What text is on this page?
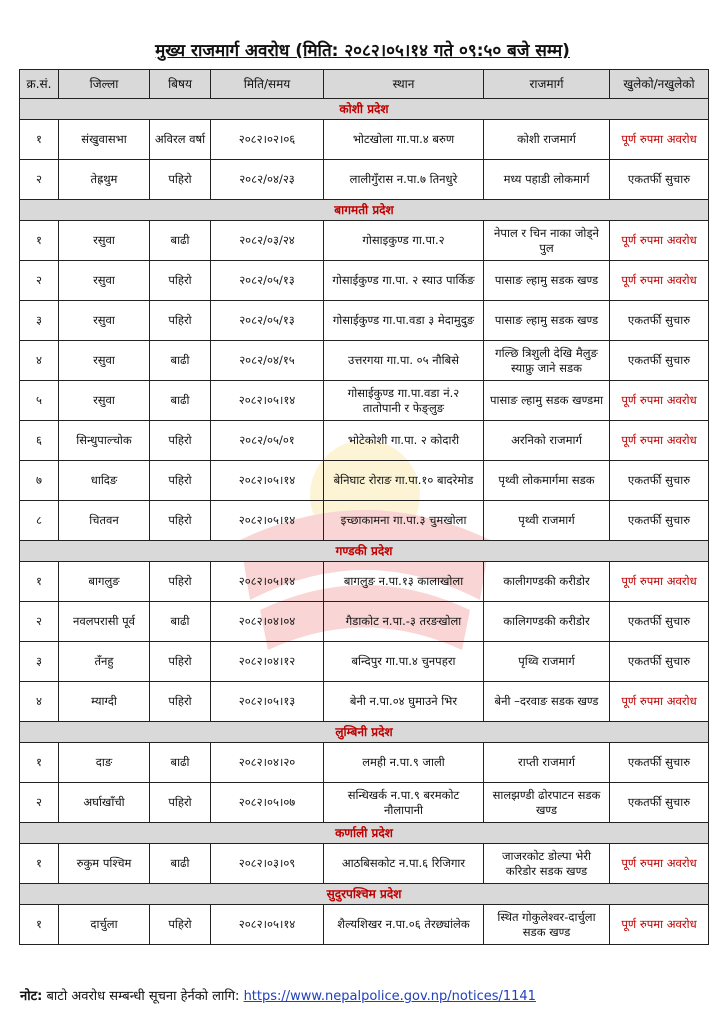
मुख्य राजमार्ग अवरोध (मिति: २०८२।०५।१४ गते ०९:५० बजे सम्म)
क्र.सं.	जिल्ला	बिषय	मिति/समय	स्थान	राजमार्ग	खुलेको/नखुलेको
कोशी प्रदेश						
१	संखुवासभा	अविरल वर्षा	२०८२।०२।०६	भोटखोला गा.पा.४ बरुण	कोशी राजमार्ग	पूर्ण रुपमा अवरोध
२	तेह्रथुम	पहिरो	२०८२/०४/२३	लालीगुँरास न.पा.७ तिनधुरे	मध्य पहाडी लोकमार्ग	एकतर्फी सुचारु
बागमती प्रदेश						
१	रसुवा	बाढी	२०८२/०३/२४	गोसाइकुण्ड गा.पा.२	नेपाल र चिन नाका जोड्ने पुल	पूर्ण रुपमा अवरोध
२	रसुवा	पहिरो	२०८२/०५/१३	गोसाईकुण्ड गा.पा. २ स्याउ पार्किङ	पासाङ ल्हामु सडक खण्ड	पूर्ण रुपमा अवरोध
३	रसुवा	पहिरो	२०८२/०५/१३	गोसाईकुण्ड गा.पा.वडा ३ मेदामुदुङ	पासाङ ल्हामु सडक खण्ड	एकतर्फी सुचारु
४	रसुवा	बाढी	२०८२/०४/१५	उत्तरगया गा.पा. ०५ नौबिसे	गल्छि त्रिशुली देखि मैलुङ स्याफ्रु जाने सडक	एकतर्फी सुचारु
५	रसुवा	बाढी	२०८२।०५।१४	गोसाईकुण्ड गा.पा.वडा नं.२ तातोपानी र फेङ्लुङ	पासाङ ल्हामु सडक खण्डमा	पूर्ण रुपमा अवरोध
६	सिन्धुपाल्चोक	पहिरो	२०८२/०५/०१	भोटेकोशी गा.पा. २ कोदारी	अरनिको राजमार्ग	पूर्ण रुपमा अवरोध
७	धादिङ	पहिरो	२०८२।०५।१४	बेनिघाट रोराङ गा.पा.१० बादरेमोड	पृथ्वी लोकमार्गमा सडक	एकतर्फी सुचारु
८	चितवन	पहिरो	२०८२।०५।१४	इच्छाकामना गा.पा.३ चुमखोला	पृथ्वी राजमार्ग	एकतर्फी सुचारु
गण्डकी प्रदेश						
१	बागलुङ	पहिरो	२०८२।०५।१४	बागलुङ न.पा.१३ कालाखोला	कालीगण्डकी करीडोर	पूर्ण रुपमा अवरोध
२	नवलपरासी पूर्व	बाढी	२०८२।०४।०४	गैडाकोट न.पा.-३ तरङखोला	कालिगण्डकी करीडोर	एकतर्फी सुचारु
३	तँनहु	पहिरो	२०८२।०४।१२	बन्दिपुर गा.पा.४ चुनपहरा	पृथ्वि राजमार्ग	एकतर्फी सुचारु
४	म्याग्दी	पहिरो	२०८२।०५।१३	बेनी न.पा.०४ घुमाउने भिर	बेनी –दरवाङ सडक खण्ड	पूर्ण रुपमा अवरोध
लुम्बिनी प्रदेश						
१	दाङ	बाढी	२०८२।०४।२०	लमही न.पा.९ जाली	राप्ती राजमार्ग	एकतर्फी सुचारु
२	अर्घाखाँची	पहिरो	२०८२।०५।०७	सन्धिखर्क न.पा.९ बरमकोट नौलापानी	सालझण्डी ढोरपाटन सडक खण्ड	एकतर्फी सुचारु
कर्णाली प्रदेश						
१	रुकुम पश्चिम	बाढी	२०८२।०३।०९	आठबिसकोट न.पा.६ रिजिगार	जाजरकोट डोल्पा भेरी करिडोर सडक खण्ड	पूर्ण रुपमा अवरोध
सुदुरपश्चिम प्रदेश						
१	दार्चुला	पहिरो	२०८२।०५।१४	शैल्यशिखर न.पा.०६ तेरछ्यांलेक	स्थित गोकुलेश्वर-दार्चुला सडक खण्ड	पूर्ण रुपमा अवरोध
नोट: बाटो अवरोध सम्बन्धी सूचना हेर्नको लागि: https://www.nepalpolice.gov.np/notices/1141
